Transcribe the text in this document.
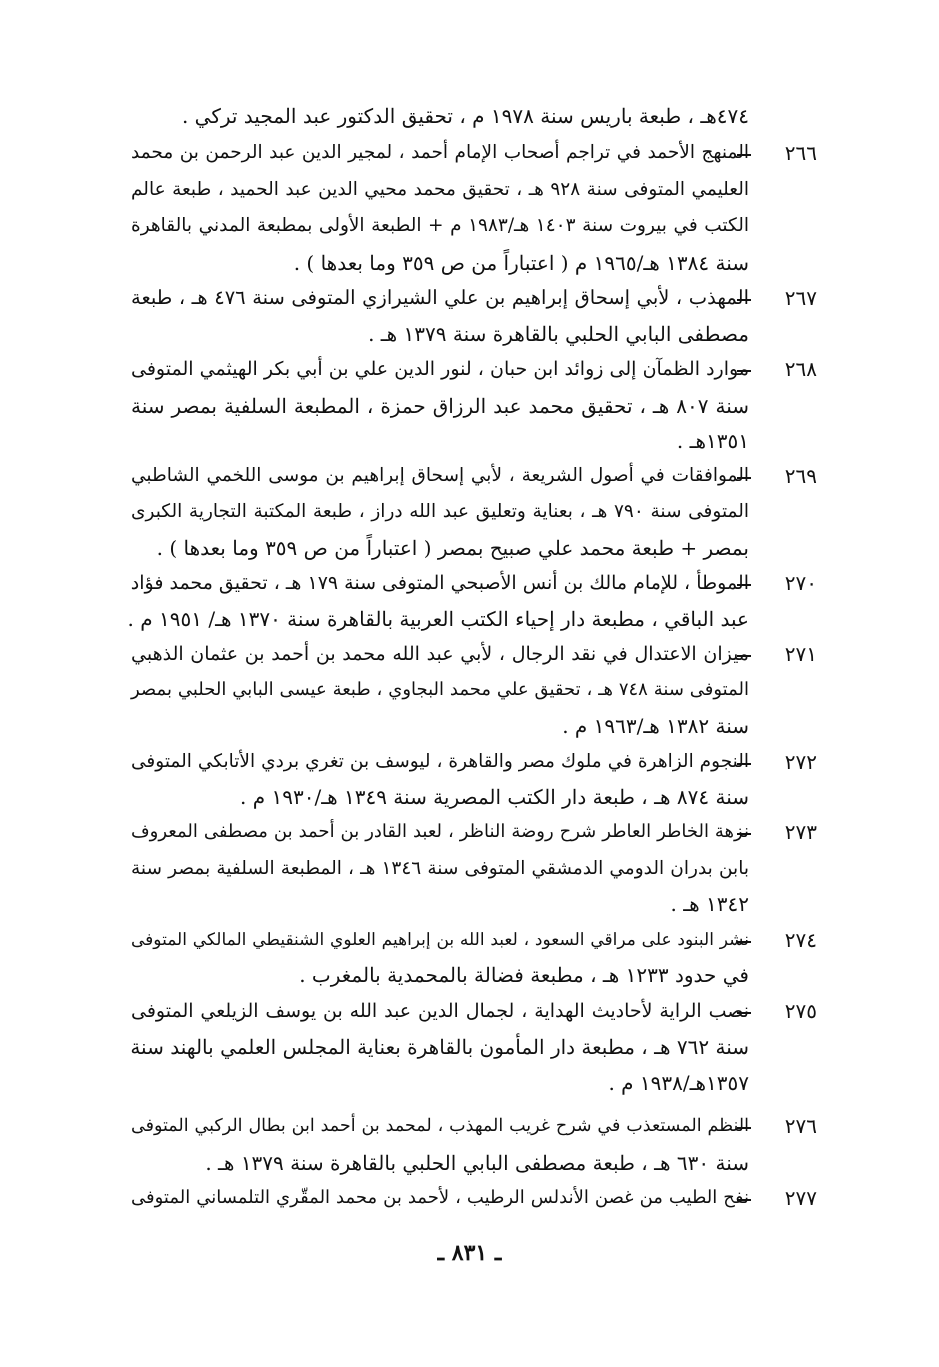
٤٧٤هـ ، طبعة باريس سنة ١٩٧٨ م ، تحقيق الدكتور عبد المجيد تركي .
٢٦٦
المنهج الأحمد في تراجم أصحاب الإمام أحمد ، لمجير الدين عبد الرحمن بن محمد
العليمي المتوفى سنة ٩٢٨ هـ ، تحقيق محمد محيي الدين عبد الحميد ، طبعة عالم
الكتب في بيروت سنة ١٤٠٣ هـ/١٩٨٣ م + الطبعة الأولى بمطبعة المدني بالقاهرة
سنة ١٣٨٤ هـ/١٩٦٥ م ( اعتباراً من ص ٣٥٩ وما بعدها ) .
٢٦٧
المهذب ، لأبي إسحاق إبراهيم بن علي الشيرازي المتوفى سنة ٤٧٦ هـ ، طبعة
مصطفى البابي الحلبي بالقاهرة سنة ١٣٧٩ هـ .
٢٦٨
موارد الظمآن إلى زوائد ابن حبان ، لنور الدين علي بن أبي بكر الهيثمي المتوفى
سنة ٨٠٧ هـ ، تحقيق محمد عبد الرزاق حمزة ، المطبعة السلفية بمصر سنة
١٣٥١هـ .
٢٦٩
الموافقات في أصول الشريعة ، لأبي إسحاق إبراهيم بن موسى اللخمي الشاطبي
المتوفى سنة ٧٩٠ هـ ، بعناية وتعليق عبد الله دراز ، طبعة المكتبة التجارية الكبرى
بمصر + طبعة محمد علي صبيح بمصر ( اعتباراً من ص ٣٥٩ وما بعدها ) .
٢٧٠
الموطأ ، للإمام مالك بن أنس الأصبحي المتوفى سنة ١٧٩ هـ ، تحقيق محمد فؤاد
عبد الباقي ، مطبعة دار إحياء الكتب العربية بالقاهرة سنة ١٣٧٠ هـ/ ١٩٥١ م .
٢٧١
ميزان الاعتدال في نقد الرجال ، لأبي عبد الله محمد بن أحمد بن عثمان الذهبي
المتوفى سنة ٧٤٨ هـ ، تحقيق علي محمد البجاوي ، طبعة عيسى البابي الحلبي بمصر
سنة ١٣٨٢ هـ/١٩٦٣ م .
٢٧٢
النجوم الزاهرة في ملوك مصر والقاهرة ، ليوسف بن تغري بردي الأتابكي المتوفى
سنة ٨٧٤ هـ ، طبعة دار الكتب المصرية سنة ١٣٤٩ هـ/١٩٣٠ م .
٢٧٣
نزهة الخاطر العاطر شرح روضة الناظر ، لعبد القادر بن أحمد بن مصطفى المعروف
بابن بدران الدومي الدمشقي المتوفى سنة ١٣٤٦ هـ ، المطبعة السلفية بمصر سنة
١٣٤٢ هـ .
٢٧٤
نشر البنود على مراقي السعود ، لعبد الله بن إبراهيم العلوي الشنقيطي المالكي المتوفى
في حدود ١٢٣٣ هـ ، مطبعة فضالة بالمحمدية بالمغرب .
٢٧٥
نصب الراية لأحاديث الهداية ، لجمال الدين عبد الله بن يوسف الزيلعي المتوفى
سنة ٧٦٢ هـ ، مطبعة دار المأمون بالقاهرة بعناية المجلس العلمي بالهند سنة
١٣٥٧هـ/١٩٣٨ م .
٢٧٦
النظم المستعذب في شرح غريب المهذب ، لمحمد بن أحمد ابن بطال الركبي المتوفى
سنة ٦٣٠ هـ ، طبعة مصطفى البابي الحلبي بالقاهرة سنة ١٣٧٩ هـ .
٢٧٧
نفح الطيب من غصن الأندلس الرطيب ، لأحمد بن محمد المقّري التلمساني المتوفى
ـ ٨٣١ ـ
